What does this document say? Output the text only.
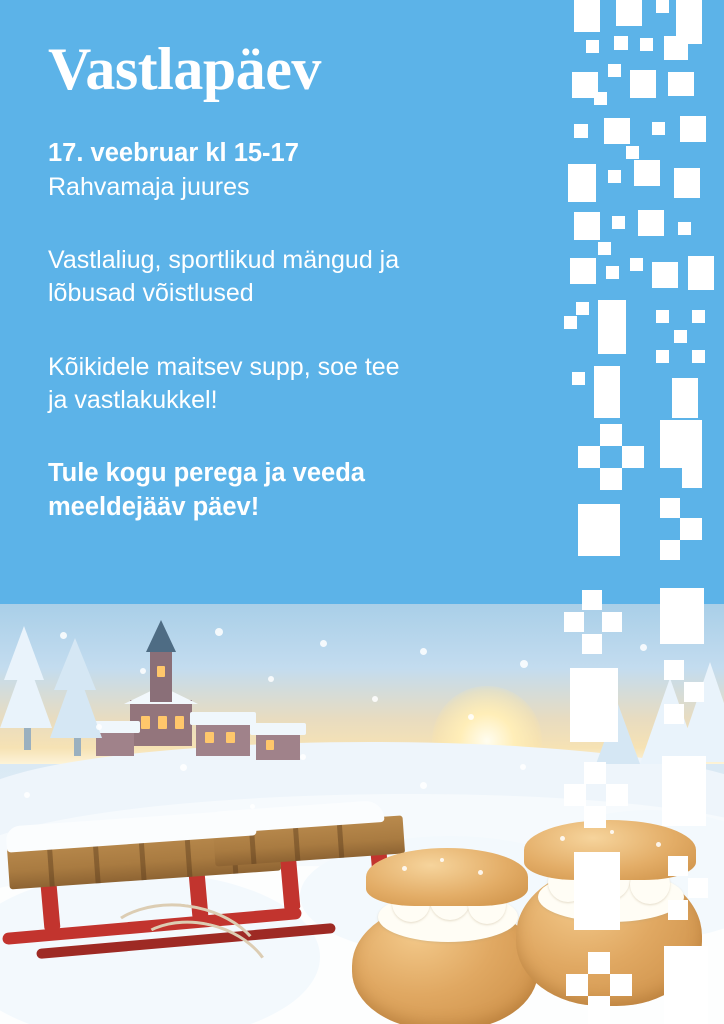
Vastlapäev

17. veebruar kl 15-17

Rahvamaja juures

Vastlaliug, sportlikud mängud ja

lõbusad võistlused

Kõikidele maitsev supp, soe tee

ja vastlakukkel!

Tule kogu perega ja veeda

meeldejääv päev!
